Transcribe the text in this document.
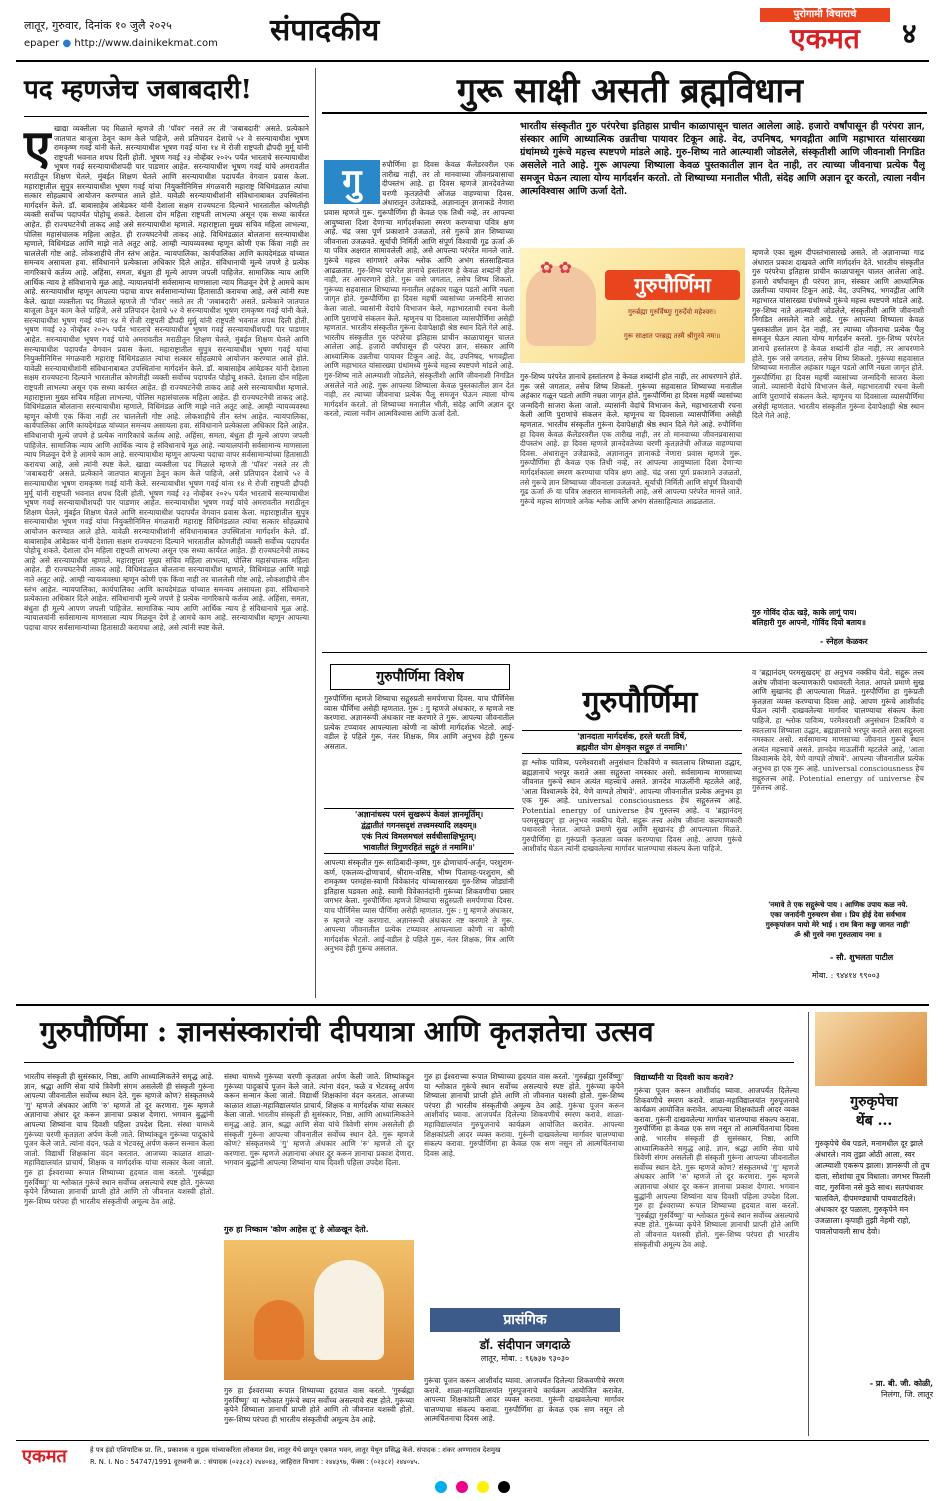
लातूर, गुरुवार, दिनांक १० जुलै २०२५	संपादकीय
epaper ● http://www.dainikekmat.com
पुरोगामी विचाराचे
एकमत	४
पद म्हणजेच जबाबदारी!
ए खाद्या व्यक्तीला पद मिळाले म्हणजे ती 'पॉवर' नसते तर ती 'जबाबदारी' असते. प्रत्येकाने जातपात बाजूला ठेवून काम केले पाहिजे, असे प्रतिपादन देशाचे ५२ वे सरन्यायाधीश भूषण रामकृष्ण गवई यांनी केले. सरन्यायाधीश भूषण गवई यांना १४ मे रोजी राष्ट्रपती द्रौपदी मुर्मू यांनी राष्ट्रपती भवनात शपथ दिली होती. भूषण गवई २३ नोव्हेंबर २०२५ पर्यंत भारताचे सरन्यायाधीश भूषण गवई सरन्यायाधीशपदी पार पाडणार आहेत. सरन्यायाधीश भूषण गवई यांचे अमरावतीत मराठीतून शिक्षण घेतले, मुंबईत शिक्षण घेतले आणि सरन्यायाधीश पदापर्यंत वेगवान प्रवास केला. महाराष्ट्रातील सुपुत्र सरन्यायाधीश भूषण गवई यांचा नियुक्तीनिमित्त मंगळवारी महाराष्ट्र विधिमंडळात त्यांचा सत्कार सोहळ्याचे आयोजन करण्यात आले होते. यावेळी सरन्यायाधीशांनी संविधानाबाबत उपस्थितांना मार्गदर्शन केले. डॉ. बाबासाहेब आंबेडकर यांनी देशाला सक्षम राज्यघटना दिल्याने भारतातील कोणतीही व्यक्ती सर्वोच्च पदापर्यंत पोहोचू शकते. देशाला दोन महिला राष्ट्रपती लाभल्या असून एक सध्या कार्यरत आहेत. ही राज्यघटनेची ताकद आहे असे सरन्यायाधीश म्हणाले. महाराष्ट्राला मुख्य सचिव महिला लाभल्या, पोलिस महासंचालक महिला आहेत. ही राज्यघटनेची ताकद आहे. विधिमंडळात बोलताना सरन्यायाधीश म्हणाले, विधिमंडळ आणि माझे नाते अतूट आहे. आम्ही न्यायव्यवस्था म्हणून कोणी एक किंवा नाही तर चाललेली गोष्ट आहे. लोकशाहीचे तीन स्तंभ आहेत. न्यायपालिका, कार्यपालिका आणि कायदेमंडळ यांच्यात समन्वय असायला हवा. संविधानाने प्रत्येकाला अधिकार दिले आहेत. संविधानाची मूल्ये जपणे हे प्रत्येक नागरिकाचे कर्तव्य आहे. अहिंसा, समता, बंधुता ही मूल्ये आपण जपली पाहिजेत. सामाजिक न्याय आणि आर्थिक न्याय हे संविधानाचे मूळ आहे. न्यायालयांनी सर्वसामान्य माणसाला न्याय मिळवून देणे हे आमचे काम आहे. सरन्यायाधीश म्हणून आपल्या पदाचा वापर सर्वसामान्यांच्या हितासाठी करायचा आहे, असे त्यांनी स्पष्ट केले. खाद्या व्यक्तीला पद मिळाले म्हणजे ती 'पॉवर' नसते तर ती 'जबाबदारी' असते. प्रत्येकाने जातपात बाजूला ठेवून काम केले पाहिजे, असे प्रतिपादन देशाचे ५२ वे सरन्यायाधीश भूषण रामकृष्ण गवई यांनी केले. सरन्यायाधीश भूषण गवई यांना १४ मे रोजी राष्ट्रपती द्रौपदी मुर्मू यांनी राष्ट्रपती भवनात शपथ दिली होती. भूषण गवई २३ नोव्हेंबर २०२५ पर्यंत भारताचे सरन्यायाधीश भूषण गवई सरन्यायाधीशपदी पार पाडणार आहेत. सरन्यायाधीश भूषण गवई यांचे अमरावतीत मराठीतून शिक्षण घेतले, मुंबईत शिक्षण घेतले आणि सरन्यायाधीश पदापर्यंत वेगवान प्रवास केला. महाराष्ट्रातील सुपुत्र सरन्यायाधीश भूषण गवई यांचा नियुक्तीनिमित्त मंगळवारी महाराष्ट्र विधिमंडळात त्यांचा सत्कार सोहळ्याचे आयोजन करण्यात आले होते. यावेळी सरन्यायाधीशांनी संविधानाबाबत उपस्थितांना मार्गदर्शन केले. डॉ. बाबासाहेब आंबेडकर यांनी देशाला सक्षम राज्यघटना दिल्याने भारतातील कोणतीही व्यक्ती सर्वोच्च पदापर्यंत पोहोचू शकते. देशाला दोन महिला राष्ट्रपती लाभल्या असून एक सध्या कार्यरत आहेत. ही राज्यघटनेची ताकद आहे असे सरन्यायाधीश म्हणाले. महाराष्ट्राला मुख्य सचिव महिला लाभल्या, पोलिस महासंचालक महिला आहेत. ही राज्यघटनेची ताकद आहे. विधिमंडळात बोलताना सरन्यायाधीश म्हणाले, विधिमंडळ आणि माझे नाते अतूट आहे. आम्ही न्यायव्यवस्था म्हणून कोणी एक किंवा नाही तर चाललेली गोष्ट आहे. लोकशाहीचे तीन स्तंभ आहेत. न्यायपालिका, कार्यपालिका आणि कायदेमंडळ यांच्यात समन्वय असायला हवा. संविधानाने प्रत्येकाला अधिकार दिले आहेत. संविधानाची मूल्ये जपणे हे प्रत्येक नागरिकाचे कर्तव्य आहे. अहिंसा, समता, बंधुता ही मूल्ये आपण जपली पाहिजेत. सामाजिक न्याय आणि आर्थिक न्याय हे संविधानाचे मूळ आहे. न्यायालयांनी सर्वसामान्य माणसाला न्याय मिळवून देणे हे आमचे काम आहे. सरन्यायाधीश म्हणून आपल्या पदाचा वापर सर्वसामान्यांच्या हितासाठी करायचा आहे, असे त्यांनी स्पष्ट केले. खाद्या व्यक्तीला पद मिळाले म्हणजे ती 'पॉवर' नसते तर ती 'जबाबदारी' असते. प्रत्येकाने जातपात बाजूला ठेवून काम केले पाहिजे, असे प्रतिपादन देशाचे ५२ वे सरन्यायाधीश भूषण रामकृष्ण गवई यांनी केले. सरन्यायाधीश भूषण गवई यांना १४ मे रोजी राष्ट्रपती द्रौपदी मुर्मू यांनी राष्ट्रपती भवनात शपथ दिली होती. भूषण गवई २३ नोव्हेंबर २०२५ पर्यंत भारताचे सरन्यायाधीश भूषण गवई सरन्यायाधीशपदी पार पाडणार आहेत. सरन्यायाधीश भूषण गवई यांचे अमरावतीत मराठीतून शिक्षण घेतले, मुंबईत शिक्षण घेतले आणि सरन्यायाधीश पदापर्यंत वेगवान प्रवास केला. महाराष्ट्रातील सुपुत्र सरन्यायाधीश भूषण गवई यांचा नियुक्तीनिमित्त मंगळवारी महाराष्ट्र विधिमंडळात त्यांचा सत्कार सोहळ्याचे आयोजन करण्यात आले होते. यावेळी सरन्यायाधीशांनी संविधानाबाबत उपस्थितांना मार्गदर्शन केले. डॉ. बाबासाहेब आंबेडकर यांनी देशाला सक्षम राज्यघटना दिल्याने भारतातील कोणतीही व्यक्ती सर्वोच्च पदापर्यंत पोहोचू शकते. देशाला दोन महिला राष्ट्रपती लाभल्या असून एक सध्या कार्यरत आहेत. ही राज्यघटनेची ताकद आहे असे सरन्यायाधीश म्हणाले. महाराष्ट्राला मुख्य सचिव महिला लाभल्या, पोलिस महासंचालक महिला आहेत. ही राज्यघटनेची ताकद आहे. विधिमंडळात बोलताना सरन्यायाधीश म्हणाले, विधिमंडळ आणि माझे नाते अतूट आहे. आम्ही न्यायव्यवस्था म्हणून कोणी एक किंवा नाही तर चाललेली गोष्ट आहे. लोकशाहीचे तीन स्तंभ आहेत. न्यायपालिका, कार्यपालिका आणि कायदेमंडळ यांच्यात समन्वय असायला हवा. संविधानाने प्रत्येकाला अधिकार दिले आहेत. संविधानाची मूल्ये जपणे हे प्रत्येक नागरिकाचे कर्तव्य आहे. अहिंसा, समता, बंधुता ही मूल्ये आपण जपली पाहिजेत. सामाजिक न्याय आणि आर्थिक न्याय हे संविधानाचे मूळ आहे. न्यायालयांनी सर्वसामान्य माणसाला न्याय मिळवून देणे हे आमचे काम आहे. सरन्यायाधीश म्हणून आपल्या पदाचा वापर सर्वसामान्यांच्या हितासाठी करायचा आहे, असे त्यांनी स्पष्ट केले.
गुरू साक्षी असती ब्रह्मविधान
गु	रुपौर्णिमा हा दिवस केवळ कॅलेंडरवरील एक तारीख नाही, तर तो मानवाच्या जीवनप्रवासाचा दीपस्तंभ आहे. हा दिवस म्हणजे ज्ञानदेवतेच्या चरणी कृतज्ञतेची ओंजळ वाहण्याचा दिवस. अंधारातून उजेडाकडे, अज्ञानातून ज्ञानाकडे नेणारा प्रवास म्हणजे गुरू. गुरूपौर्णिमा ही केवळ एक तिथी नव्हे, तर आपल्या आयुष्याला दिशा देणाऱ्या मार्गदर्शकाला स्मरण करण्याचा पवित्र क्षण आहे. चंद्र जसा पूर्ण प्रकाशाने उजळतो, तसे गुरूचे ज्ञान शिष्याच्या जीवनाला उजळवते. सूर्याची निर्मिती आणि संपूर्ण विश्वाची गूढ ऊर्जा ॐ या पवित्र अक्षरात सामावलेली आहे, असे आपल्या परंपरेत मानले जाते. गुरूंचे महत्त्व सांगणारे अनेक श्लोक आणि अभंग संतसाहित्यात आढळतात. गुरु-शिष्य परंपरेत ज्ञानाचे हस्तांतरण हे केवळ शब्दांनी होत नाही, तर आचरणाने होते. गुरू जसे जगतात, तसेच शिष्य शिकतो. गुरूंच्या सहवासात शिष्याच्या मनातील अहंकार गळून पडतो आणि नम्रता जागृत होते. गुरूपौर्णिमा हा दिवस महर्षी व्यासांच्या जन्मदिनी साजरा केला जातो. व्यासांनी वेदांचे विभाजन केले, महाभारताची रचना केली आणि पुराणांचे संकलन केले. म्हणूनच या दिवसाला व्यासपौर्णिमा असेही म्हणतात. भारतीय संस्कृतीत गुरूंना देवापेक्षाही श्रेष्ठ स्थान दिले गेले आहे. भारतीय संस्कृतीत गुरु परंपरेचा इतिहास प्राचीन काळापासून चालत आलेला आहे. हजारो वर्षांपासून ही परंपरा ज्ञान, संस्कार आणि आध्यात्मिक उन्नतीचा पायावर टिकून आहे. वेद, उपनिषद, भगवद्गीता आणि महाभारत यांसारख्या ग्रंथांमध्ये गुरूंचे महत्त्व स्पष्टपणे मांडले आहे. गुरु-शिष्य नाते आत्म्याशी जोडलेले, संस्कृतीशी आणि जीवनाशी निगडित असलेले नाते आहे. गुरू आपल्या शिष्याला केवळ पुस्तकातील ज्ञान देत नाही, तर त्याच्या जीवनाचा प्रत्येक पैलू समजून घेऊन त्याला योग्य मार्गदर्शन करतो. तो शिष्याच्या मनातील भीती, संदेह आणि अज्ञान दूर करतो, त्याला नवीन आत्मविश्वास आणि ऊर्जा देतो.
भारतीय संस्कृतीत गुरु परंपरेचा इतिहास प्राचीन काळापासून चालत आलेला आहे. हजारो वर्षांपासून ही परंपरा ज्ञान, संस्कार आणि आध्यात्मिक उन्नतीचा पायावर टिकून आहे. वेद, उपनिषद, भगवद्गीता आणि महाभारत यांसारख्या ग्रंथांमध्ये गुरूंचे महत्त्व स्पष्टपणे मांडले आहे. गुरु-शिष्य नाते आत्म्याशी जोडलेले, संस्कृतीशी आणि जीवनाशी निगडित असलेले नाते आहे. गुरू आपल्या शिष्याला केवळ पुस्तकातील ज्ञान देत नाही, तर त्याच्या जीवनाचा प्रत्येक पैलू समजून घेऊन त्याला योग्य मार्गदर्शन करतो. तो शिष्याच्या मनातील भीती, संदेह आणि अज्ञान दूर करतो, त्याला नवीन आत्मविश्वास आणि ऊर्जा देतो.
✿ ✿
गुरुपौर्णिमा
गुरुर्ब्रह्मा गुरुर्विष्णुः गुरुर्देवो महेश्वरः।
गुरू साक्षात परब्रह्म तस्मै श्रीगुरवे नमः॥
गुरु-शिष्य परंपरेत ज्ञानाचे हस्तांतरण हे केवळ शब्दांनी होत नाही, तर आचरणाने होते. गुरू जसे जगतात, तसेच शिष्य शिकतो. गुरूंच्या सहवासात शिष्याच्या मनातील अहंकार गळून पडतो आणि नम्रता जागृत होते. गुरूपौर्णिमा हा दिवस महर्षी व्यासांच्या जन्मदिनी साजरा केला जातो. व्यासांनी वेदांचे विभाजन केले, महाभारताची रचना केली आणि पुराणांचे संकलन केले. म्हणूनच या दिवसाला व्यासपौर्णिमा असेही म्हणतात. भारतीय संस्कृतीत गुरूंना देवापेक्षाही श्रेष्ठ स्थान दिले गेले आहे. रुपौर्णिमा हा दिवस केवळ कॅलेंडरवरील एक तारीख नाही, तर तो मानवाच्या जीवनप्रवासाचा दीपस्तंभ आहे. हा दिवस म्हणजे ज्ञानदेवतेच्या चरणी कृतज्ञतेची ओंजळ वाहण्याचा दिवस. अंधारातून उजेडाकडे, अज्ञानातून ज्ञानाकडे नेणारा प्रवास म्हणजे गुरू. गुरूपौर्णिमा ही केवळ एक तिथी नव्हे, तर आपल्या आयुष्याला दिशा देणाऱ्या मार्गदर्शकाला स्मरण करण्याचा पवित्र क्षण आहे. चंद्र जसा पूर्ण प्रकाशाने उजळतो, तसे गुरूचे ज्ञान शिष्याच्या जीवनाला उजळवते. सूर्याची निर्मिती आणि संपूर्ण विश्वाची गूढ ऊर्जा ॐ या पवित्र अक्षरात सामावलेली आहे, असे आपल्या परंपरेत मानले जाते. गुरूंचे महत्त्व सांगणारे अनेक श्लोक आणि अभंग संतसाहित्यात आढळतात.
म्हणजे एका सूक्ष्म दीपस्तंभासारखे असते. तो अज्ञानाच्या गाढ अंधारात प्रकाश दाखवते आणि मार्गदर्शन देते. भारतीय संस्कृतीत गुरु परंपरेचा इतिहास प्राचीन काळापासून चालत आलेला आहे. हजारो वर्षांपासून ही परंपरा ज्ञान, संस्कार आणि आध्यात्मिक उन्नतीच्या पायावर टिकून आहे. वेद, उपनिषद, भगवद्गीता आणि महाभारत यांसारख्या ग्रंथांमध्ये गुरूंचे महत्त्व स्पष्टपणे मांडले आहे. गुरु-शिष्य नाते आत्म्याशी जोडलेले, संस्कृतीशी आणि जीवनाशी निगडित असलेले नाते आहे. गुरू आपल्या शिष्याला केवळ पुस्तकातील ज्ञान देत नाही, तर त्याच्या जीवनाचा प्रत्येक पैलू समजून घेऊन त्याला योग्य मार्गदर्शन करतो. गुरु-शिष्य परंपरेत ज्ञानाचे हस्तांतरण हे केवळ शब्दांनी होत नाही, तर आचरणाने होते. गुरू जसे जगतात, तसेच शिष्य शिकतो. गुरूंच्या सहवासात शिष्याच्या मनातील अहंकार गळून पडतो आणि नम्रता जागृत होते. गुरूपौर्णिमा हा दिवस महर्षी व्यासांच्या जन्मदिनी साजरा केला जातो. व्यासांनी वेदांचे विभाजन केले, महाभारताची रचना केली आणि पुराणांचे संकलन केले. म्हणूनच या दिवसाला व्यासपौर्णिमा असेही म्हणतात. भारतीय संस्कृतीत गुरूंना देवापेक्षाही श्रेष्ठ स्थान दिले गेले आहे.
गुरु गोविंद दोऊ खड़े, काके लागूं पाय।
बलिहारी गुरु आपनो, गोविंद दियो बताय॥
- स्नेहल केळकर
गुरुपौर्णिमा विशेष
गुरुपौर्णिमा म्हणजे शिष्याचा सद्गुरुप्रती समर्पणाचा दिवस. याच पौर्णिमेस व्यास पौर्णिमा असेही म्हणतात. गुरू : गु म्हणजे अंधःकार, रु म्हणजे नष्ट करणारा. अज्ञानरूपी अंधःकार नष्ट करणारे ते गुरू. आपल्या जीवनातील प्रत्येक टप्प्यावर आपल्याला कोणी ना कोणी मार्गदर्शक भेटतो. आई-वडील हे पहिले गुरू, नंतर शिक्षक, मित्र आणि अनुभव हेही गुरूच असतात.
'अज्ञानांधस्य परमं सुखरूपं केवलं ज्ञानमूर्तिम्।
द्वंद्वातीतं गगनसदृशं तत्त्वमस्यादि लक्ष्यम्॥
एकं नित्यं विमलमचलं सर्वधीसाक्षिभूतम्।
भावातीतं त्रिगुणरहितं सद्गुरुं तं नमामि॥'
आपल्या संस्कृतीत गुरू साठिबादी-कृष्ण, गुरु द्रोणाचार्य-अर्जुन, परशुराम-कर्ण, एकलव्य-द्रोणाचार्य, श्रीराम-वसिष्ठ, भीष्म पितामह-परशुराम, श्री रामकृष्ण परमहंस-स्वामी विवेकानंद यांच्यासारख्या गुरु-शिष्य जोड्यांनी इतिहास घडवला आहे. स्वामी विवेकानंदांनी गुरूंच्या शिकवणीचा प्रसार जगभर केला. गुरुपौर्णिमा म्हणजे शिष्याचा सद्गुरुप्रती समर्पणाचा दिवस. याच पौर्णिमेस व्यास पौर्णिमा असेही म्हणतात. गुरू : गु म्हणजे अंधःकार, रु म्हणजे नष्ट करणारा. अज्ञानरूपी अंधःकार नष्ट करणारे ते गुरू. आपल्या जीवनातील प्रत्येक टप्प्यावर आपल्याला कोणी ना कोणी मार्गदर्शक भेटतो. आई-वडील हे पहिले गुरू, नंतर शिक्षक, मित्र आणि अनुभव हेही गुरूच असतात.
गुरुपौर्णिमा
'ज्ञानदाता मार्गदर्शक, हरले धरती विर्षे,
ब्रह्मवीत योग क्षेमकृत सद्गुरु तं नमामि।'
हा श्लोक पावित्र्य, परमेश्वराशी अनुसंधान टिकविणे व स्वतःलाच शिष्याला उद्धार, ब्रह्मज्ञानाचे भरपूर कराते असा सद्गुरुला नमस्कार असो. सर्वसामान्य माणसाच्या जीवनात गुरूचे स्थान अत्यंत महत्त्वाचे असते. ज्ञानदेव माऊलींनी म्हटलेले आहे, 'आता विश्वात्मके देवे, येणे वाग्यज्ञे तोषावे'. आपल्या जीवनातील प्रत्येक अनुभव हा एक गुरू आहे. universal consciousness हेच सद्गुरुतत्त्व आहे. Potential energy of universe हेच गुरुतत्त्व आहे. व 'ब्रह्मानंदम् परमसुखदम्' हा अनुभव नक्कीच येतो. सद्गुरू तत्त्व अशेष जीवांना कल्याणकारी पथावरती नेतात. आपले प्रमाणे सुख आणि सुखानंद ही आपल्याला मिळते. गुरुपौर्णिमा हा गुरूंप्रती कृतज्ञता व्यक्त करण्याचा दिवस आहे. आपण गुरूंचे आशीर्वाद घेऊन त्यांनी दाखवलेल्या मार्गावर चालण्याचा संकल्प केला पाहिजे.
व 'ब्रह्मानंदम् परमसुखदम्' हा अनुभव नक्कीच येतो. सद्गुरू तत्त्व अशेष जीवांना कल्याणकारी पथावरती नेतात. आपले प्रमाणे सुख आणि सुखानंद ही आपल्याला मिळते. गुरुपौर्णिमा हा गुरूंप्रती कृतज्ञता व्यक्त करण्याचा दिवस आहे. आपण गुरूंचे आशीर्वाद घेऊन त्यांनी दाखवलेल्या मार्गावर चालण्याचा संकल्प केला पाहिजे. हा श्लोक पावित्र्य, परमेश्वराशी अनुसंधान टिकविणे व स्वतःलाच शिष्याला उद्धार, ब्रह्मज्ञानाचे भरपूर कराते असा सद्गुरुला नमस्कार असो. सर्वसामान्य माणसाच्या जीवनात गुरूचे स्थान अत्यंत महत्त्वाचे असते. ज्ञानदेव माऊलींनी म्हटलेले आहे, 'आता विश्वात्मके देवे, येणे वाग्यज्ञे तोषावे'. आपल्या जीवनातील प्रत्येक अनुभव हा एक गुरू आहे. universal consciousness हेच सद्गुरुतत्त्व आहे. Potential energy of universe हेच गुरुतत्त्व आहे.
'नमावे ते एक सद्गुरूंचे पाय । आणिक उपाय कळ नये.
एका जनार्दनी गुरुचरण सेवा । प्रिय होई देवा सर्वभाव
गुरुकृपांजन पायो मेरे भाई । राम बिना कछु जानत नाही'
ॐ श्री गुरवे नमः गुरुतत्वाय नमः ॥
- सौ. शुभलता पाटील
मोबा. : ९४४१४ ९९००३
गुरुपौर्णिमा : ज्ञानसंस्कारांची दीपयात्रा आणि कृतज्ञतेचा उत्सव
भारतीय संस्कृती ही सुसंस्कार, निष्ठा, आणि आध्यात्मिकतेने समृद्ध आहे. ज्ञान, श्रद्धा आणि सेवा यांचे त्रिवेणी संगम असलेली ही संस्कृती गुरूंना आपल्या जीवनातील सर्वोच्च स्थान देते. गुरू म्हणजे कोण? संस्कृतमध्ये 'गु' म्हणजे अंधकार आणि 'रु' म्हणजे तो दूर करणारा. गुरू म्हणजे अज्ञानाचा अंधार दूर करून ज्ञानाचा प्रकाश देणारा. भगवान बुद्धांनी आपल्या शिष्यांना याच दिवशी पहिला उपदेश दिला. संस्था यामध्ये गुरूंच्या चरणी कृतज्ञता अर्पण केली जाते. शिष्यांकडून गुरूंच्या पादुकांचे पूजन केले जाते. त्यांना वंदन, फळे व भेटवस्तू अर्पण करून सन्मान केला जातो. विद्यार्थी शिक्षकांना वंदन करतात. आजच्या काळात शाळा-महाविद्यालयांत प्राचार्य, शिक्षक व मार्गदर्शक यांचा सत्कार केला जातो. गुरु हा ईश्वराच्या रूपात शिष्याच्या हृदयात वास करतो. 'गुरुर्ब्रह्मा गुरुर्विष्णुः' या श्लोकात गुरूंचे स्थान सर्वोच्च असल्याचे स्पष्ट होते. गुरूंच्या कृपेने शिष्याला ज्ञानाची प्राप्ती होते आणि तो जीवनात यशस्वी होतो. गुरू-शिष्य परंपरा ही भारतीय संस्कृतीची अमूल्य ठेव आहे.
संस्था यामध्ये गुरूंच्या चरणी कृतज्ञता अर्पण केली जाते. शिष्यांकडून गुरूंच्या पादुकांचे पूजन केले जाते. त्यांना वंदन, फळे व भेटवस्तू अर्पण करून सन्मान केला जातो. विद्यार्थी शिक्षकांना वंदन करतात. आजच्या काळात शाळा-महाविद्यालयांत प्राचार्य, शिक्षक व मार्गदर्शक यांचा सत्कार केला जातो. भारतीय संस्कृती ही सुसंस्कार, निष्ठा, आणि आध्यात्मिकतेने समृद्ध आहे. ज्ञान, श्रद्धा आणि सेवा यांचे त्रिवेणी संगम असलेली ही संस्कृती गुरूंना आपल्या जीवनातील सर्वोच्च स्थान देते. गुरू म्हणजे कोण? संस्कृतमध्ये 'गु' म्हणजे अंधकार आणि 'रु' म्हणजे तो दूर करणारा. गुरू म्हणजे अज्ञानाचा अंधार दूर करून ज्ञानाचा प्रकाश देणारा. भगवान बुद्धांनी आपल्या शिष्यांना याच दिवशी पहिला उपदेश दिला.
गुरु हा निष्काम 'कोण आहेस तू' हे ओळखून देतो.
गुरु हा ईश्वराच्या रूपात शिष्याच्या हृदयात वास करतो. 'गुरुर्ब्रह्मा गुरुर्विष्णुः' या श्लोकात गुरूंचे स्थान सर्वोच्च असल्याचे स्पष्ट होते. गुरूंच्या कृपेने शिष्याला ज्ञानाची प्राप्ती होते आणि तो जीवनात यशस्वी होतो. गुरू-शिष्य परंपरा ही भारतीय संस्कृतीची अमूल्य ठेव आहे.
गुरु हा ईश्वराच्या रूपात शिष्याच्या हृदयात वास करतो. 'गुरुर्ब्रह्मा गुरुर्विष्णुः' या श्लोकात गुरूंचे स्थान सर्वोच्च असल्याचे स्पष्ट होते. गुरूंच्या कृपेने शिष्याला ज्ञानाची प्राप्ती होते आणि तो जीवनात यशस्वी होतो. गुरू-शिष्य परंपरा ही भारतीय संस्कृतीची अमूल्य ठेव आहे. गुरूंचा पूजन करून आशीर्वाद घ्यावा. आजपर्यंत दिलेल्या शिकवणीचे स्मरण करावे. शाळा-महाविद्यालयांत गुरुपूजनाचे कार्यक्रम आयोजित करावेत. आपल्या शिक्षकांप्रती आदर व्यक्त करावा. गुरूंनी दाखवलेल्या मार्गावर चालण्याचा संकल्प करावा. गुरुपौर्णिमा हा केवळ एक सण नसून तो आत्मचिंतनाचा दिवस आहे.
प्रासंगिक
डॉ. संदीपान जगदाळे
लातूर, मोबा. : ९६७३७ ९३०३०
गुरूंचा पूजन करून आशीर्वाद घ्यावा. आजपर्यंत दिलेल्या शिकवणीचे स्मरण करावे. शाळा-महाविद्यालयांत गुरुपूजनाचे कार्यक्रम आयोजित करावेत. आपल्या शिक्षकांप्रती आदर व्यक्त करावा. गुरूंनी दाखवलेल्या मार्गावर चालण्याचा संकल्प करावा. गुरुपौर्णिमा हा केवळ एक सण नसून तो आत्मचिंतनाचा दिवस आहे.
विद्यार्थ्यांनी या दिवशी काय करावे?
गुरूंचा पूजन करून आशीर्वाद घ्यावा. आजपर्यंत दिलेल्या शिकवणीचे स्मरण करावे. शाळा-महाविद्यालयांत गुरुपूजनाचे कार्यक्रम आयोजित करावेत. आपल्या शिक्षकांप्रती आदर व्यक्त करावा. गुरूंनी दाखवलेल्या मार्गावर चालण्याचा संकल्प करावा. गुरुपौर्णिमा हा केवळ एक सण नसून तो आत्मचिंतनाचा दिवस आहे. भारतीय संस्कृती ही सुसंस्कार, निष्ठा, आणि आध्यात्मिकतेने समृद्ध आहे. ज्ञान, श्रद्धा आणि सेवा यांचे त्रिवेणी संगम असलेली ही संस्कृती गुरूंना आपल्या जीवनातील सर्वोच्च स्थान देते. गुरू म्हणजे कोण? संस्कृतमध्ये 'गु' म्हणजे अंधकार आणि 'रु' म्हणजे तो दूर करणारा. गुरू म्हणजे अज्ञानाचा अंधार दूर करून ज्ञानाचा प्रकाश देणारा. भगवान बुद्धांनी आपल्या शिष्यांना याच दिवशी पहिला उपदेश दिला. गुरु हा ईश्वराच्या रूपात शिष्याच्या हृदयात वास करतो. 'गुरुर्ब्रह्मा गुरुर्विष्णुः' या श्लोकात गुरूंचे स्थान सर्वोच्च असल्याचे स्पष्ट होते. गुरूंच्या कृपेने शिष्याला ज्ञानाची प्राप्ती होते आणि तो जीवनात यशस्वी होतो. गुरू-शिष्य परंपरा ही भारतीय संस्कृतीची अमूल्य ठेव आहे.
गुरुकृपेचा
थेंब ...
गुरुकृपेचे थेंब पडले, मनामधील दूर झाले अंधारले। नाव तुझा ओठी आला, स्वर आत्म्याशी एकरूप झाला। ज्ञानरूपी तो तुच दाता, सोशांचा तूच विधाता। जगभर फिरली वाट, गुरुविना नसे कुठे साथ। सतपंथावर चालविले, दीपमण्ड्याची पायवाटदिले। अंधःकार दूर पळाला, गुरुकृपेने मन उजळाला। कृपाही तुझी नेहमी राहो, पावलोपावली साथ देवो।
- प्रा. बी. जी. कोळी,
निलंगा, जि. लातूर
एकमत	हे पत्र इंडो एशियाटिक प्रा. लि., प्रकाशक व मुद्रक यांच्याकरिता लोकमत प्रेस, लातूर येथे छापून एकमत भवन, लातूर येथून प्रसिद्ध केले. संपादक : शंकर अण्णाराव देशमुख
R. N. I. No : 54747/1991 दूरध्वनी क्र. : संपादक (०२३८२) २४४०४३, जाहिरात विभाग : २४४३९७, फॅक्स : (०२३८२) २४४०४५.
